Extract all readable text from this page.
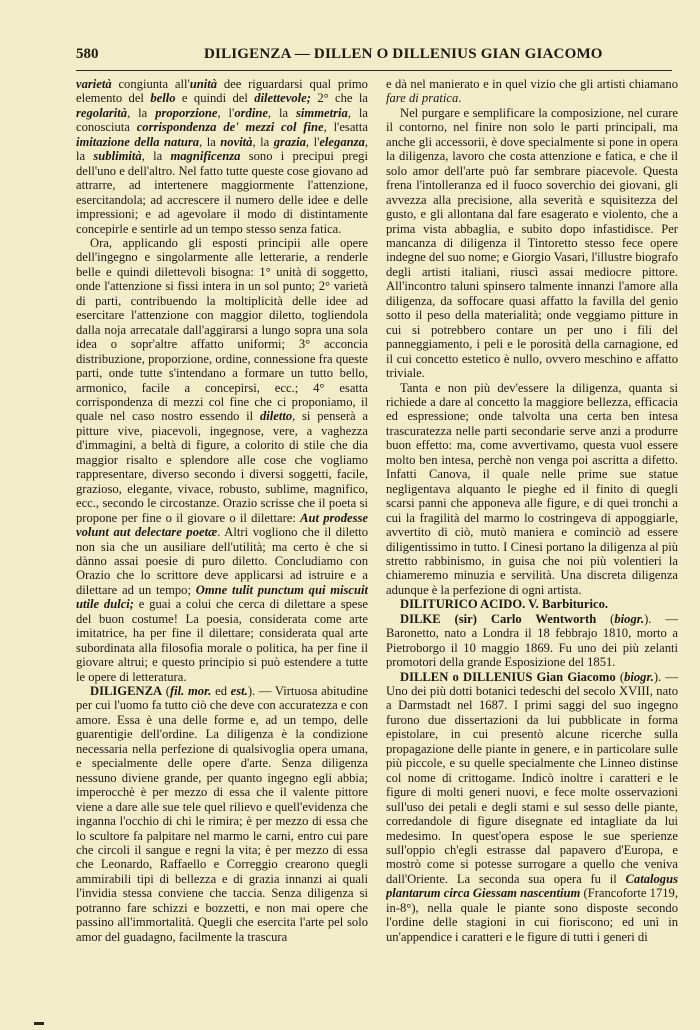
580	DILIGENZA — DILLEN O DILLENIUS GIAN GIACOMO

varietà congiunta all'unità dee riguardarsi qual primo elemento del bello e quindi del dilettevole; 2° che la regolarità, la proporzione, l'ordine, la simmetria, la conosciuta corrispondenza de' mezzi col fine, l'esatta imitazione della natura, la novità, la grazia, l'eleganza, la sublimità, la magnificenza sono i precipui pregi dell'uno e dell'altro. Nel fatto tutte queste cose giovano ad attrarre, ad intertenere maggiormente l'attenzione, esercitandola; ad accrescere il numero delle idee e delle impressioni; e ad agevolare il modo di distintamente concepirle e sentirle ad un tempo stesso senza fatica.

Ora, applicando gli esposti principii alle opere dell'ingegno e singolarmente alle letterarie, a renderle belle e quindi dilettevoli bisogna: 1° unità di soggetto, onde l'attenzione si fissi intera in un sol punto; 2° varietà di parti, contribuendo la moltiplicità delle idee ad esercitare l'attenzione con maggior diletto, togliendola dalla noja arrecatale dall'aggirarsi a lungo sopra una sola idea o sopr'altre affatto uniformi; 3° acconcia distribuzione, proporzione, ordine, connessione fra queste parti, onde tutte s'intendano a formare un tutto bello, armonico, facile a concepirsi, ecc.; 4° esatta corrispondenza di mezzi col fine che ci proponiamo, il quale nel caso nostro essendo il diletto, si penserà a pitture vive, piacevoli, ingegnose, vere, a vaghezza d'immagini, a beltà di figure, a colorito di stile che dia maggior risalto e splendore alle cose che vogliamo rappresentare, diverso secondo i diversi soggetti, facile, grazioso, elegante, vivace, robusto, sublime, magnifico, ecc., secondo le circostanze. Orazio scrisse che il poeta si propone per fine o il giovare o il dilettare: Aut prodesse volunt aut delectare poetæ. Altri vogliono che il diletto non sia che un ausiliare dell'utilità; ma certo è che si dànno assai poesie di puro diletto. Concludiamo con Orazio che lo scrittore deve applicarsi ad istruire e a dilettare ad un tempo; Omne tulit punctum qui miscuit utile dulci; e guai a colui che cerca di dilettare a spese del buon costume! La poesia, considerata come arte imitatrice, ha per fine il dilettare; considerata qual arte subordinata alla filosofia morale o politica, ha per fine il giovare altrui; e questo principio si può estendere a tutte le opere di letteratura.

DILIGENZA (fil. mor. ed est.). — Virtuosa abitudine per cui l'uomo fa tutto ciò che deve con accuratezza e con amore. Essa è una delle forme e, ad un tempo, delle guarentigie dell'ordine. La diligenza è la condizione necessaria nella perfezione di qualsivoglia opera umana, e specialmente delle opere d'arte. Senza diligenza nessuno diviene grande, per quanto ingegno egli abbia; imperocchè è per mezzo di essa che il valente pittore viene a dare alle sue tele quel rilievo e quell'evidenza che inganna l'occhio di chi le rimira; è per mezzo di essa che lo scultore fa palpitare nel marmo le carni, entro cui pare che circoli il sangue e regni la vita; è per mezzo di essa che Leonardo, Raffaello e Correggio crearono quegli ammirabili tipi di bellezza e di grazia innanzi ai quali l'invidia stessa conviene che taccia. Senza diligenza si potranno fare schizzi e bozzetti, e non mai opere che passino all'immortalità. Quegli che esercita l'arte pel solo amor del guadagno, facilmente la trascura

e dà nel manierato e in quel vizio che gli artisti chiamano fare di pratica.

Nel purgare e semplificare la composizione, nel curare il contorno, nel finire non solo le parti principali, ma anche gli accessorii, è dove specialmente si pone in opera la diligenza, lavoro che costa attenzione e fatica, e che il solo amor dell'arte può far sembrare piacevole. Questa frena l'intolleranza ed il fuoco soverchio dei giovani, gli avvezza alla precisione, alla severità e squisitezza del gusto, e gli allontana dal fare esagerato e violento, che a prima vista abbaglia, e subito dopo infastidisce. Per mancanza di diligenza il Tintoretto stesso fece opere indegne del suo nome; e Giorgio Vasari, l'illustre biografo degli artisti italiani, riuscì assai mediocre pittore. All'incontro taluni spinsero talmente innanzi l'amore alla diligenza, da soffocare quasi affatto la favilla del genio sotto il peso della materialità; onde veggiamo pitture in cui si potrebbero contare un per uno i fili del panneggiamento, i peli e le porosità della carnagione, ed il cui concetto estetico è nullo, ovvero meschino e affatto triviale.

Tanta e non più dev'essere la diligenza, quanta si richiede a dare al concetto la maggiore bellezza, efficacia ed espressione; onde talvolta una certa ben intesa trascuratezza nelle parti secondarie serve anzi a produrre buon effetto: ma, come avvertivamo, questa vuol essere molto ben intesa, perchè non venga poi ascritta a difetto. Infatti Canova, il quale nelle prime sue statue negligentava alquanto le pieghe ed il finito di quegli scarsi panni che apponeva alle figure, e di quei tronchi a cui la fragilità del marmo lo costringeva di appoggiarle, avvertito di ciò, mutò maniera e cominciò ad essere diligentissimo in tutto. I Cinesi portano la diligenza al più stretto rabbinismo, in guisa che noi più volentieri la chiameremo minuzia e servilità. Una discreta diligenza adunque è la perfezione di ogni artista.

DILITURICO ACIDO. V. Barbiturico.

DILKE (sir) Carlo Wentworth (biogr.). — Baronetto, nato a Londra il 18 febbrajo 1810, morto a Pietroborgo il 10 maggio 1869. Fu uno dei più zelanti promotori della grande Esposizione del 1851.

DILLEN o DILLENIUS Gian Giacomo (biogr.). — Uno dei più dotti botanici tedeschi del secolo XVIII, nato a Darmstadt nel 1687. I primi saggi del suo ingegno furono due dissertazioni da lui pubblicate in forma epistolare, in cui presentò alcune ricerche sulla propagazione delle piante in genere, e in particolare sulle più piccole, e su quelle specialmente che Linneo distinse col nome di crittogame. Indicò inoltre i caratteri e le figure di molti generi nuovi, e fece molte osservazioni sull'uso dei petali e degli stami e sul sesso delle piante, corredandole di figure disegnate ed intagliate da lui medesimo. In quest'opera espose le sue sperienze sull'oppio ch'egli estrasse dal papavero d'Europa, e mostrò come si potesse surrogare a quello che veniva dall'Oriente. La seconda sua opera fu il Catalogus plantarum circa Giessam nascentium (Francoforte 1719, in-8°), nella quale le piante sono disposte secondo l'ordine delle stagioni in cui fioriscono; ed unì in un'appendice i caratteri e le figure di tutti i generi di
